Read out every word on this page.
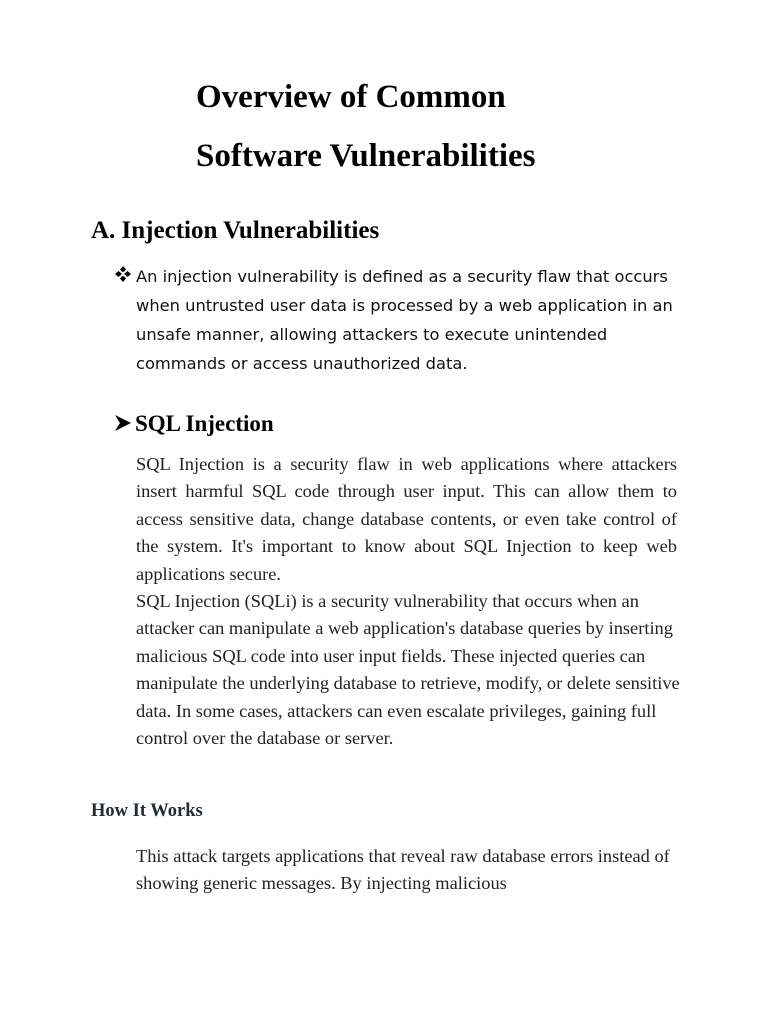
Overview of Common
Software Vulnerabilities
A. Injection Vulnerabilities

An injection vulnerability is defined as a security flaw that occurs when untrusted user data is processed by a web application in an unsafe manner, allowing attackers to execute unintended commands or access unauthorized data.

SQL Injection

SQL Injection is a security flaw in web applications where attackers insert harmful SQL code through user input. This can allow them to access sensitive data, change database contents, or even take control of the system. It's important to know about SQL Injection to keep web applications secure.

SQL Injection (SQLi) is a security vulnerability that occurs when an attacker can manipulate a web application's database queries by inserting malicious SQL code into user input fields. These injected queries can manipulate the underlying database to retrieve, modify, or delete sensitive data. In some cases, attackers can even escalate privileges, gaining full control over the database or server.

How It Works

This attack targets applications that reveal raw database errors instead of showing generic messages. By injecting malicious
